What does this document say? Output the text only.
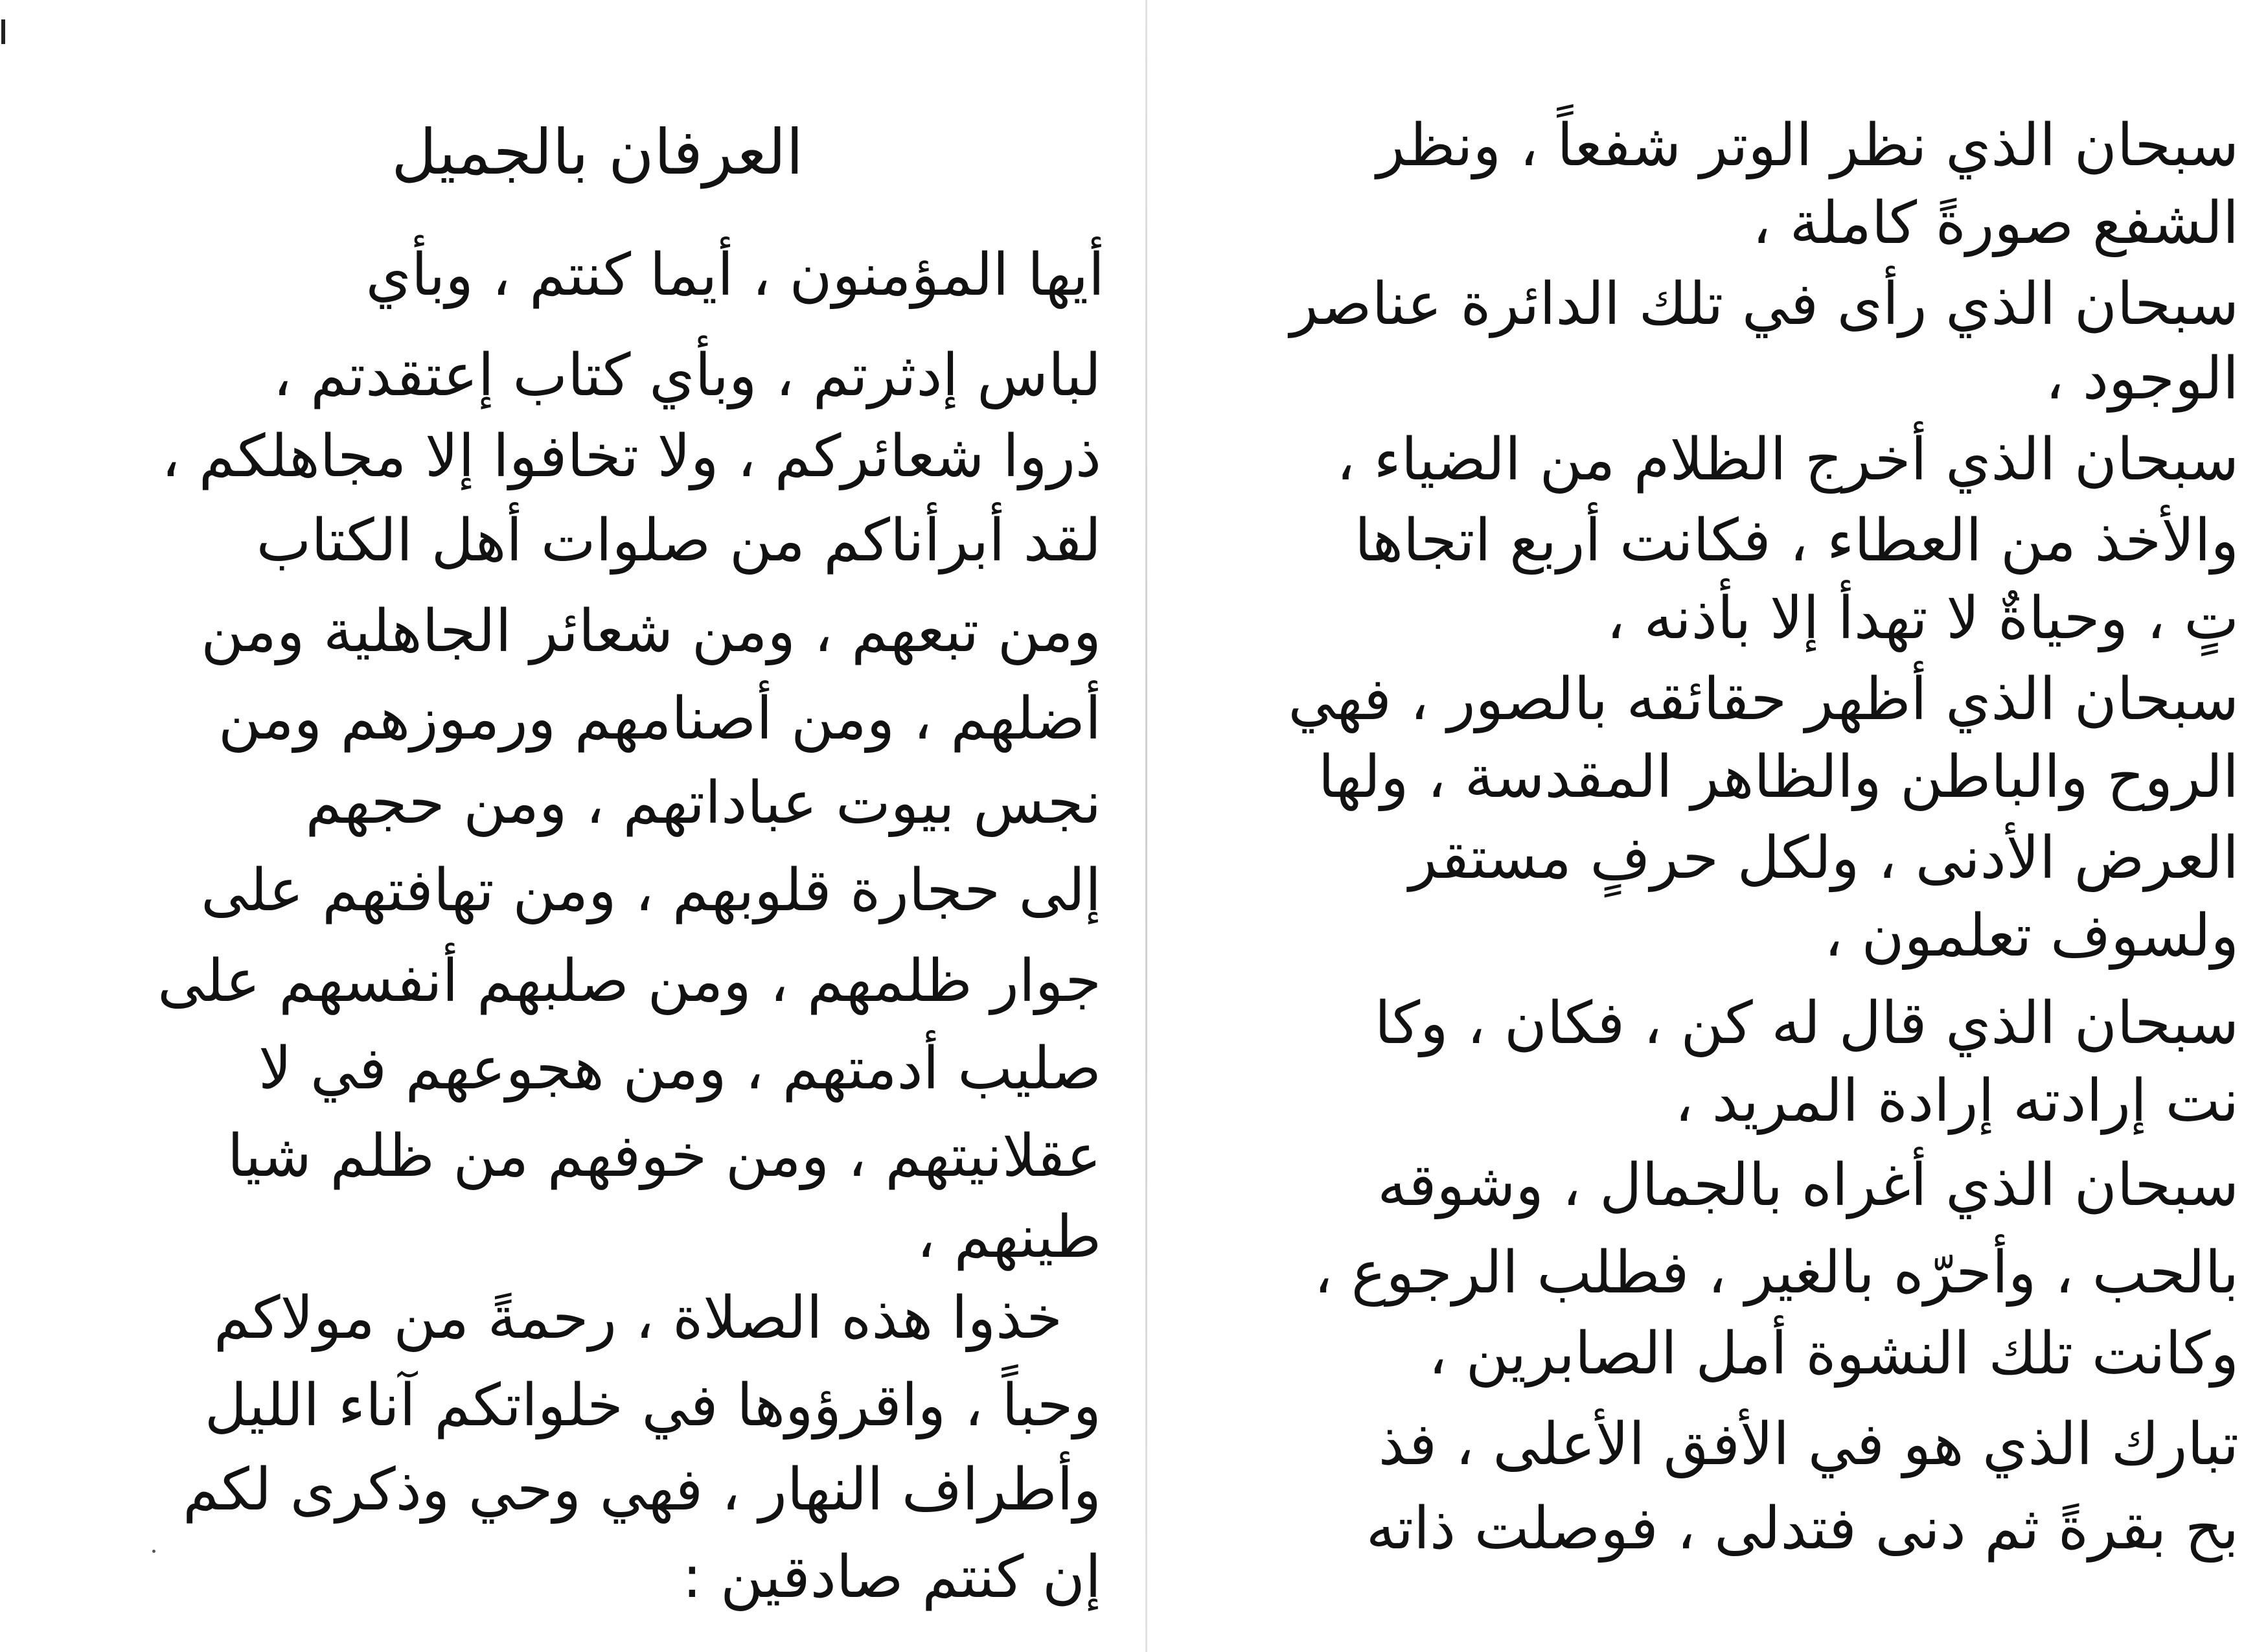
العرفان بالجميل
أيها المؤمنون ، أيما كنتم ، وبأي
لباس إدثرتم ، وبأي كتاب إعتقدتم ،
ذروا شعائركم ، ولا تخافوا إلا مجاهلكم ،
لقد أبرأناكم من صلوات أهل الكتاب
ومن تبعهم ، ومن شعائر الجاهلية ومن
أضلهم ، ومن أصنامهم ورموزهم ومن
نجس بيوت عباداتهم ، ومن حجهم
إلى حجارة قلوبهم ، ومن تهافتهم على
جوار ظلمهم ، ومن صلبهم أنفسهم على
صليب أدمتهم ، ومن هجوعهم في لا
عقلانيتهم ، ومن خوفهم من ظلم شيا
طينهم ،
خذوا هذه الصلاة ، رحمةً من مولاكم
وحباً ، واقرؤوها في خلواتكم آناء الليل
وأطراف النهار ، فهي وحي وذكرى لكم
إن كنتم صادقين :
سبحان الذي نظر الوتر شفعاً ، ونظر
الشفع صورةً كاملة ،
سبحان الذي رأى في تلك الدائرة عناصر
الوجود ،
سبحان الذي أخرج الظلام من الضياء ،
والأخذ من العطاء ، فكانت أربع اتجاها
تٍ ، وحياةٌ لا تهدأ إلا بأذنه ،
سبحان الذي أظهر حقائقه بالصور ، فهي
الروح والباطن والظاهر المقدسة ، ولها
العرض الأدنى ، ولكل حرفٍ مستقر
ولسوف تعلمون ،
سبحان الذي قال له كن ، فكان ، وكا
نت إرادته إرادة المريد ،
سبحان الذي أغراه بالجمال ، وشوقه
بالحب ، وأحرّه بالغير ، فطلب الرجوع ،
وكانت تلك النشوة أمل الصابرين ،
تبارك الذي هو في الأفق الأعلى ، فذ
بح بقرةً ثم دنى فتدلى ، فوصلت ذاته
